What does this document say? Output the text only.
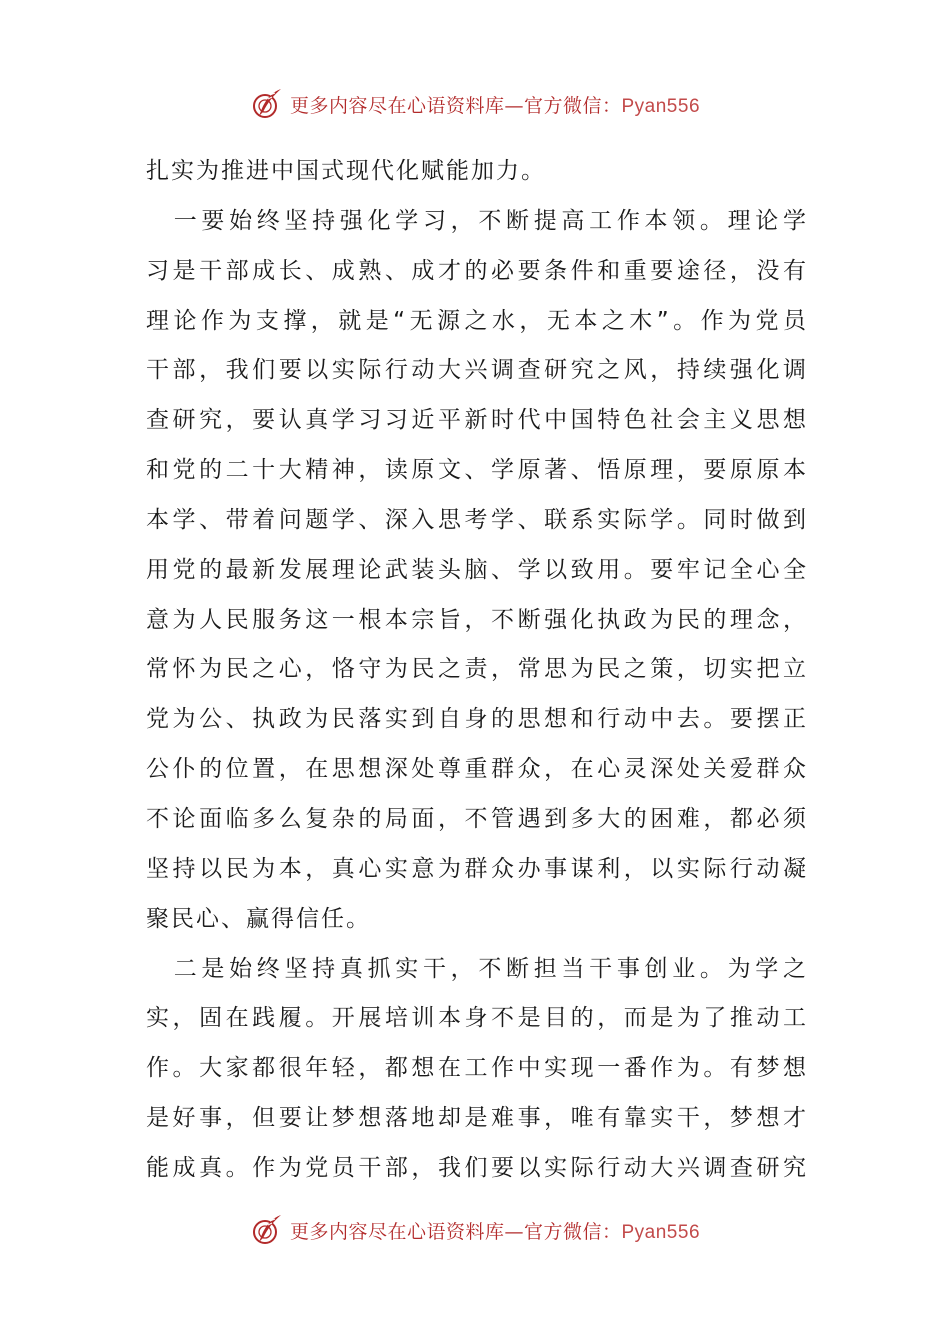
更多内容尽在心语资料库—官方微信：Pyan556
扎实为推进中国式现代化赋能加力。
　一要始终坚持强化学习，不断提高工作本领。理论学
习是干部成长、成熟、成才的必要条件和重要途径，没有
理论作为支撑，就是“无源之水，无本之木”。作为党员
干部，我们要以实际行动大兴调查研究之风，持续强化调
查研究，要认真学习习近平新时代中国特色社会主义思想
和党的二十大精神，读原文、学原著、悟原理，要原原本
本学、带着问题学、深入思考学、联系实际学。同时做到
用党的最新发展理论武装头脑、学以致用。要牢记全心全
意为人民服务这一根本宗旨，不断强化执政为民的理念，
常怀为民之心，恪守为民之责，常思为民之策，切实把立
党为公、执政为民落实到自身的思想和行动中去。要摆正
公仆的位置，在思想深处尊重群众，在心灵深处关爱群众
不论面临多么复杂的局面，不管遇到多大的困难，都必须
坚持以民为本，真心实意为群众办事谋利，以实际行动凝
聚民心、赢得信任。
　二是始终坚持真抓实干，不断担当干事创业。为学之
实，固在践履。开展培训本身不是目的，而是为了推动工
作。大家都很年轻，都想在工作中实现一番作为。有梦想
是好事，但要让梦想落地却是难事，唯有靠实干，梦想才
能成真。作为党员干部，我们要以实际行动大兴调查研究
更多内容尽在心语资料库—官方微信：Pyan556
